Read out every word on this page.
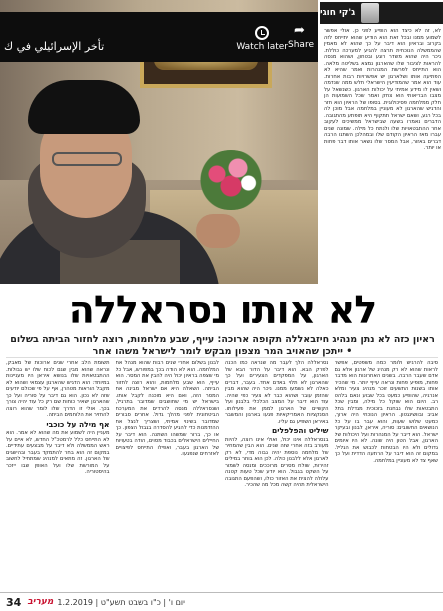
تأخر الإسرائيلي في ك	Watch later
➦ Share
ג'קי חוגי
לא, זה לא כיצד הוא הופיע לפני כן. אולי אפשר לשמוע ממנו ובכל זאת הוא הודיע שהוא יתייחס לזה בקרוב ובראיון הוא דיבר על כך שהוא לא מאמין שהממשלה הנוכחית תרצה להגיע למערכה כוללת. ניכר היה שהוא משדר רוגע ובטחון, ושהוא מנסה להראות לציבור שלו שהארגון נמצא בשליטה מלאה. הוא התייחס לפרשת המנהרות ואמר שהיא לא הפתיעה אותו ושלארגון יש אפשרויות רבות אחרות. עוד הוא אמר שהמודיעין הישראלי חלש ממה שנדמה ושאין לו מידע אמיתי על יכולות הארגון. כשנשאל על מצבו הבריאותי הוא צחק ואמר שכל השמועות הן חלק ממלחמה פסיכולוגית. בסופו של הראיון הוא חזר והדגיש שהארגון לא מעוניין במלחמה אבל מוכן לה בכל רגע, ושאם ישראל תתקוף היא תופתע מהתגובה. הדברים נאמרו בשעה שבישראל ממשיכים לעקוב אחר ההתבטאויות שלו ולנתח כל מילה. שמונה שנים עברו מאז הראיון הקודם שלו ובמהלכן השתנו הרבה דברים באזור, אבל המסר שלו נשאר אותו דבר פחות או יותר.
לא אותו נסראללה
ראיון כזה לא נתן מנהיג חיזבאללה תקופה ארוכה: עייף, שבע מלחמות, רוצה לחזור הביתה בשלום • ייתכן שהאויב המר מצפון מבקש לומר לישראל משהו אחר
סיבה להרגיש ולומר כמה משפטים, אפשר לראות שהוא לא רק מנהיג של ארגון אלא גם אדם שעבר הרבה. בשנים האחרונות הוא מדבר פחות, מופיע פחות ונראה עייף יותר. מי שהכיר אותו בשנות התשעים זוכר מנהיג צעיר ומלא אנרגיה, שהופיע כמעט בכל שבוע ונאם בלהט רב. היום הוא שוקל כל מילה, ומבין שכל התבטאות שלו נבחנת בזכוכית מגדלת בתל אביב ובוושינגטון. הראיון הנוכחי היה ארוך, כמעט שלוש שעות, והוא עבר בו על כל הנושאים החשובים: סוריה, איראן, לבנון ובעיקר ישראל. הוא דיבר על המנהרות ועל היכולות של הארגון, אבל הטון היה שונה. לא היו איומים גדולים ולא היו הבטחות לכבוש את הגליל. במקום זה הוא דיבר על הרתעה הדדית ועל כך שאף צד לא מעוניין במלחמה.
נסראללה הלך לעבר מה שנראה כמו הכנה לפרק הבא. הוא דיבר על הדור הבא של הארגון, על המפקדים הצעירים ועל כך שהארגון לא תלוי באדם אחד. בעבר, דברים כאלה לא נשמעו ממנו. ניכר היה שהוא מבין שהזמן עובר ושהוא כבר לא צעיר כפי שהיה. עוד הוא דיבר על המצב הכלכלי בלבנון ועל הקשיים של הארגון לממן את פעילותו. הסנקציות האמריקאיות פגעו בארגון והמשבר באיראן השפיע גם עליו.
שיליט והפלפלים
בנסראללה אינו יכול, ואולי אינו רוצה, להיות מעורב בזה אחרי שזה שנים. הוא הבין שהמחיר של מלחמה נוספת יהיה גבוה מדי, לא רק לארגון אלא ללבנון כולה. לכן הוא בוחר במילים זהירות, שולח מסרים מרוככים ומנסה לשמור על השקט בגבול. הוא יודע שכל טעות קטנה עלולה להצית את האזור כולו, ושהפעם התגובה הישראלית תהיה קשה מכל מה שהכיר.
לבנון בשלום אחרי שנים רבות שהוא מנהל את המלחמה. הוא לא הודה בכך במפורש, אבל כל מי שצפה בראיון יכול היה להבין את המסר. הוא עייף, הוא שבע מלחמות, והוא רוצה לחזור הביתה. השאלה היא אם ישראל מבינה את המסר הזה, ואם היא מוכנה לקבל אותו. בישראל יש מי שחושבים שמדובר בתרגיל, ושנסראללה מנסה להרדים את המערכת הביטחונית לפני מהלך גדול. אחרים סבורים שמדובר בשינוי אמיתי, ושצריך לנצל את ההזדמנות כדי להגיע להסדרה בגבול הצפון. כך או כך, ברור שמשהו השתנה. הוא דיבר על החיילים הישראלים בכבוד מסוים, הודה בטעויות של הארגון בעבר, ואפילו התייחס לפיצויים לאזרחים שנפגעו.
תשומת הלב אחרי שנים ארוכות של מאבק, ונראה שהוא מבין שגם לכוח שלו יש גבולות. ההתבטאויות שלו בנושא איראן היו מעניינות במיוחד: הוא הדגיש שהארגון עצמאי ושהוא לא מקבל הוראות מטהרן, אף על פי שכולם יודעים שזה לא נכון. הוא גם דיבר על סוריה ועל כך שהארגון ישאיר כוחות שם רק כל עוד יהיה צורך בכך. אולי זו הדרך שלו לומר שהוא רוצה להחזיר את הלוחמים הביתה.
אף מילה על כוכבי
מעניין היה לשמוע את מה שהוא לא אמר. הוא לא התייחס כלל לרמטכ"ל החדש, לא איים על ראש הממשלה ולא דיבר על מבצעים עתידיים. במקום זה הוא בחר להתמקד בעבר ובהישגים של הארגון. זה מתאים למנהיג שמתחיל לחשוב על המורשת שלו ועל האופן שבו ייזכר בהיסטוריה.
34 מעריב יום ו' | כ"ו בשבט תשע"ט | 1.2.2019
